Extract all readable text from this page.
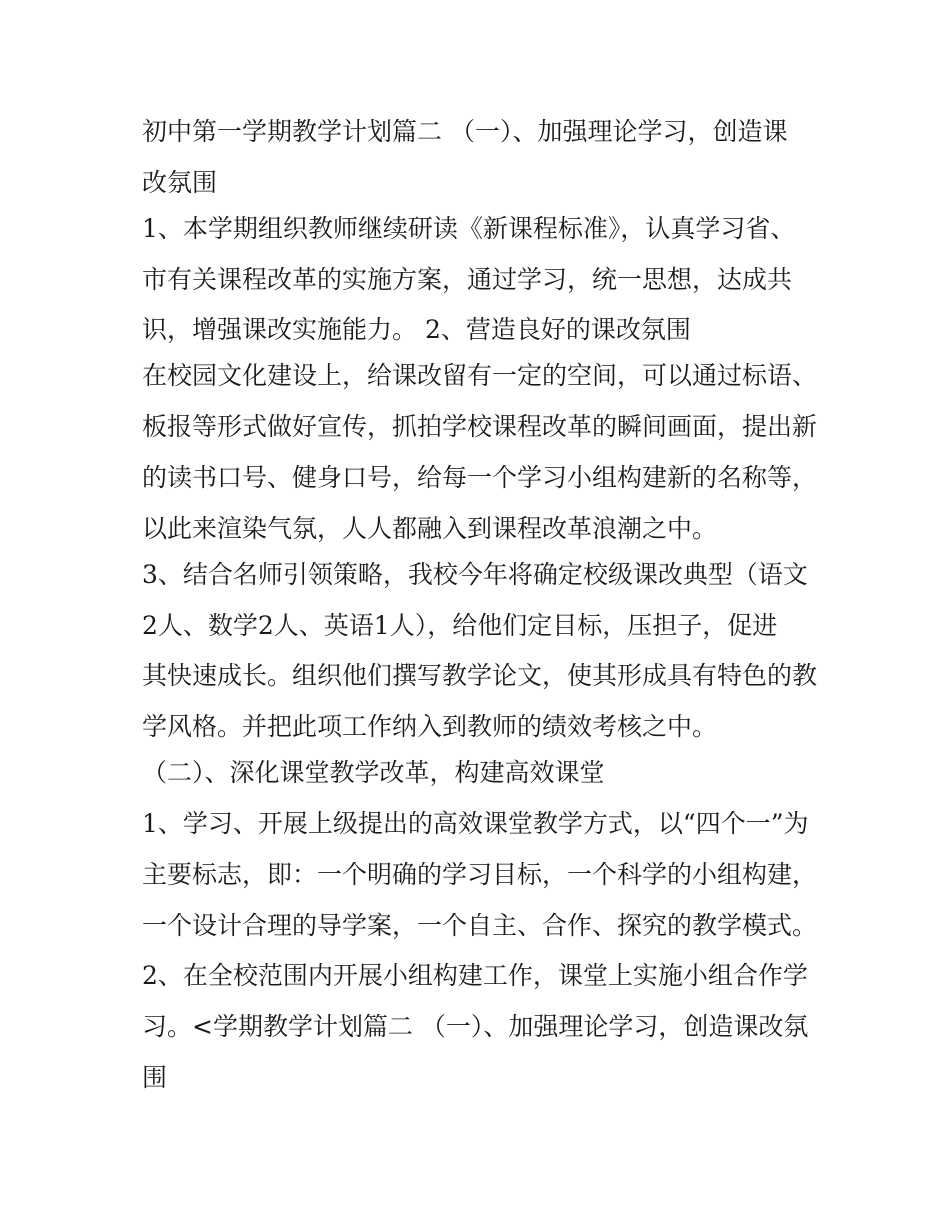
初中第一学期教学计划篇二 （一）、加强理论学习，创造课
改氛围
1、本学期组织教师继续研读《新课程标准》，认真学习省、
市有关课程改革的实施方案，通过学习，统一思想，达成共
识，增强课改实施能力。 2、营造良好的课改氛围
在校园文化建设上，给课改留有一定的空间，可以通过标语、
板报等形式做好宣传，抓拍学校课程改革的瞬间画面，提出新
的读书口号、健身口号，给每一个学习小组构建新的名称等，
以此来渲染气氛，人人都融入到课程改革浪潮之中。
3、结合名师引领策略，我校今年将确定校级课改典型（语文
2人、数学2人、英语1人），给他们定目标，压担子，促进
其快速成长。组织他们撰写教学论文，使其形成具有特色的教
学风格。并把此项工作纳入到教师的绩效考核之中。
（二）、深化课堂教学改革，构建高效课堂
1、学习、开展上级提出的高效课堂教学方式，以“四个一”为
主要标志，即：一个明确的学习目标，一个科学的小组构建，
一个设计合理的导学案，一个自主、合作、探究的教学模式。
2、在全校范围内开展小组构建工作，课堂上实施小组合作学
习。<学期教学计划篇二 （一）、加强理论学习，创造课改氛
围
